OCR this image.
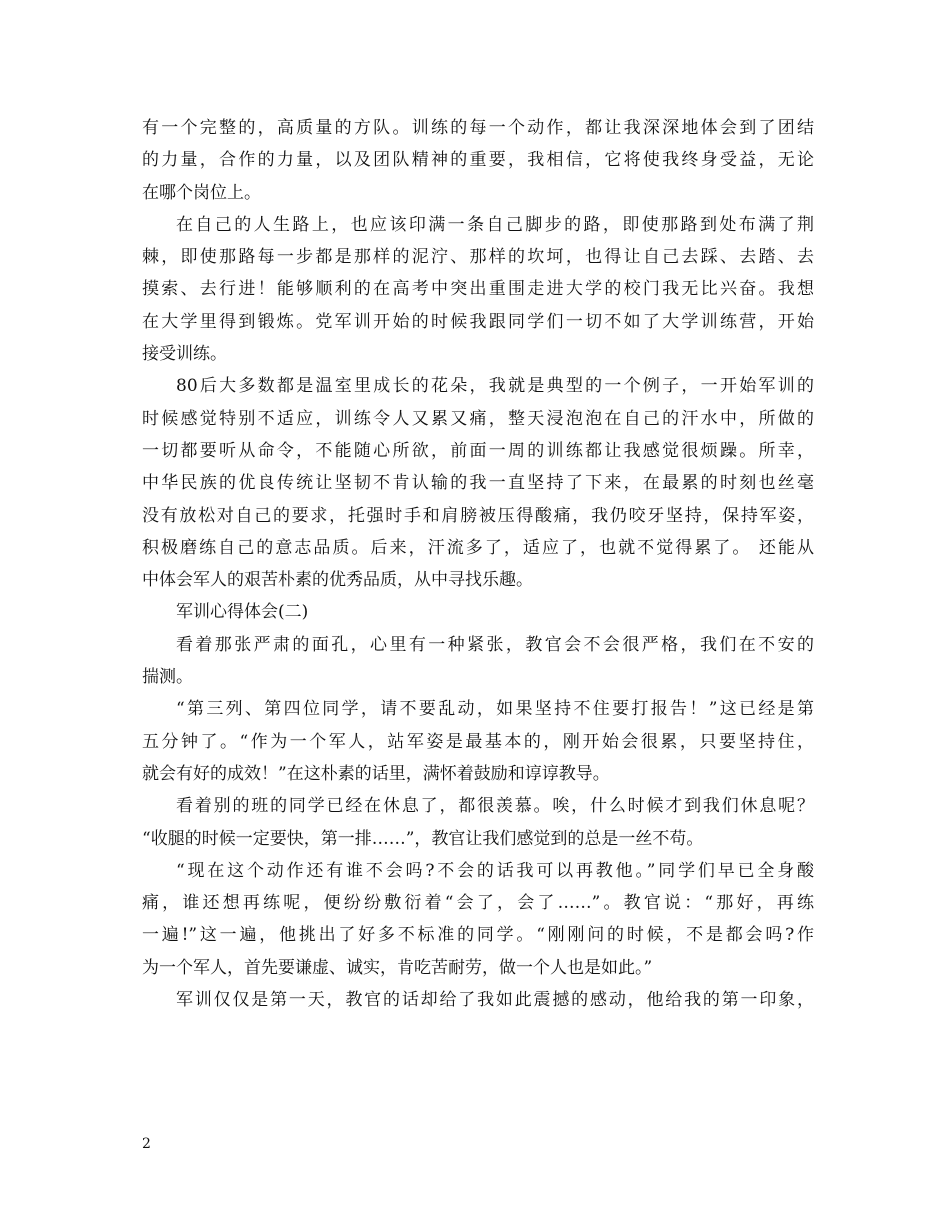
有一个完整的，高质量的方队。训练的每一个动作，都让我深深地体会到了团结
的力量，合作的力量，以及团队精神的重要，我相信，它将使我终身受益，无论
在哪个岗位上。
在自己的人生路上，也应该印满一条自己脚步的路，即使那路到处布满了荆
棘，即使那路每一步都是那样的泥泞、那样的坎坷，也得让自己去踩、去踏、去
摸索、去行进！能够顺利的在高考中突出重围走进大学的校门我无比兴奋。我想
在大学里得到锻炼。党军训开始的时候我跟同学们一切不如了大学训练营，开始
接受训练。
80后大多数都是温室里成长的花朵，我就是典型的一个例子，一开始军训的
时候感觉特别不适应，训练令人又累又痛，整天浸泡泡在自己的汗水中，所做的
一切都要听从命令，不能随心所欲，前面一周的训练都让我感觉很烦躁。所幸，
中华民族的优良传统让坚韧不肯认输的我一直坚持了下来，在最累的时刻也丝毫
没有放松对自己的要求，托强时手和肩膀被压得酸痛，我仍咬牙坚持，保持军姿，
积极磨练自己的意志品质。后来，汗流多了，适应了，也就不觉得累了。 还能从
中体会军人的艰苦朴素的优秀品质，从中寻找乐趣。
军训心得体会(二)
看着那张严肃的面孔，心里有一种紧张，教官会不会很严格，我们在不安的
揣测。
“第三列、第四位同学，请不要乱动，如果坚持不住要打报告！”这已经是第
五分钟了。“作为一个军人，站军姿是最基本的，刚开始会很累，只要坚持住，
就会有好的成效！”在这朴素的话里，满怀着鼓励和谆谆教导。
看着别的班的同学已经在休息了，都很羡慕。唉，什么时候才到我们休息呢？
“收腿的时候一定要快，第一排……”，教官让我们感觉到的总是一丝不苟。
“现在这个动作还有谁不会吗?不会的话我可以再教他。”同学们早已全身酸
痛，谁还想再练呢，便纷纷敷衍着“会了，会了……”。教官说：“那好，再练
一遍!”这一遍，他挑出了好多不标准的同学。“刚刚问的时候，不是都会吗?作
为一个军人，首先要谦虚、诚实，肯吃苦耐劳，做一个人也是如此。”
军训仅仅是第一天，教官的话却给了我如此震撼的感动，他给我的第一印象，
2
